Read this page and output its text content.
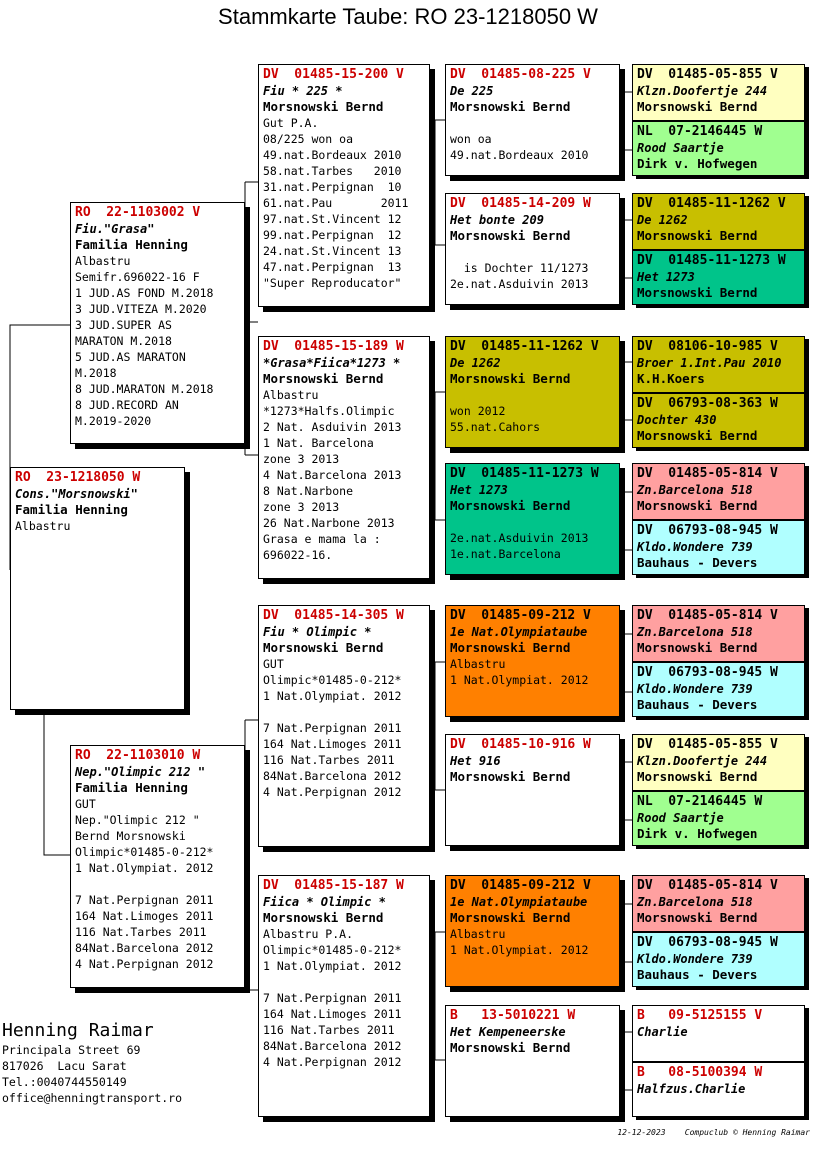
Stammkarte Taube: RO 23-1218050 W
RO  23-1218050 W
Cons."Morsnowski"
Familia Henning
Albastru
RO  22-1103002 V
Fiu."Grasa"
Familia Henning
Albastru
Semifr.696022-16 F
1 JUD.AS FOND M.2018
3 JUD.VITEZA M.2020
3 JUD.SUPER AS
MARATON M.2018
5 JUD.AS MARATON
M.2018
8 JUD.MARATON M.2018
8 JUD.RECORD AN
M.2019-2020
RO  22-1103010 W
Nep."Olimpic 212 "
Familia Henning
GUT
Nep."Olimpic 212 "
Bernd Morsnowski
Olimpic*01485-0-212*
1 Nat.Olympiat. 2012
7 Nat.Perpignan 2011
164 Nat.Limoges 2011
116 Nat.Tarbes 2011
84Nat.Barcelona 2012
4 Nat.Perpignan 2012
DV  01485-15-200 V
Fiu * 225 *
Morsnowski Bernd
Gut P.A.
08/225 won oa
49.nat.Bordeaux 2010
58.nat.Tarbes   2010
31.nat.Perpignan  10
61.nat.Pau       2011
97.nat.St.Vincent 12
99.nat.Perpignan  12
24.nat.St.Vincent 13
47.nat.Perpignan  13
"Super Reproducator"
DV  01485-15-189 W
*Grasa*Fiica*1273 *
Morsnowski Bernd
Albastru
*1273*Halfs.Olimpic
2 Nat. Asduivin 2013
1 Nat. Barcelona
zone 3 2013
4 Nat.Barcelona 2013
8 Nat.Narbone
zone 3 2013
26 Nat.Narbone 2013
Grasa e mama la :
696022-16.
DV  01485-14-305 W
Fiu * Olimpic *
Morsnowski Bernd
GUT
Olimpic*01485-0-212*
1 Nat.Olympiat. 2012
7 Nat.Perpignan 2011
164 Nat.Limoges 2011
116 Nat.Tarbes 2011
84Nat.Barcelona 2012
4 Nat.Perpignan 2012
DV  01485-15-187 W
Fiica * Olimpic *
Morsnowski Bernd
Albastru P.A.
Olimpic*01485-0-212*
1 Nat.Olympiat. 2012
7 Nat.Perpignan 2011
164 Nat.Limoges 2011
116 Nat.Tarbes 2011
84Nat.Barcelona 2012
4 Nat.Perpignan 2012
DV  01485-08-225 V
De 225
Morsnowski Bernd
won oa
49.nat.Bordeaux 2010
DV  01485-14-209 W
Het bonte 209
Morsnowski Bernd
is Dochter 11/1273
2e.nat.Asduivin 2013
DV  01485-11-1262 V
De 1262
Morsnowski Bernd
won 2012
55.nat.Cahors
DV  01485-11-1273 W
Het 1273
Morsnowski Bernd
2e.nat.Asduivin 2013
1e.nat.Barcelona
DV  01485-09-212 V
1e Nat.Olympiataube
Morsnowski Bernd
Albastru
1 Nat.Olympiat. 2012
DV  01485-10-916 W
Het 916
Morsnowski Bernd
DV  01485-09-212 V
1e Nat.Olympiataube
Morsnowski Bernd
Albastru
1 Nat.Olympiat. 2012
B   13-5010221 W
Het Kempeneerske
Morsnowski Bernd
DV  01485-05-855 V
Klzn.Doofertje 244
Morsnowski Bernd
NL  07-2146445 W
Rood Saartje
Dirk v. Hofwegen
DV  01485-11-1262 V
De 1262
Morsnowski Bernd
DV  01485-11-1273 W
Het 1273
Morsnowski Bernd
DV  08106-10-985 V
Broer 1.Int.Pau 2010
K.H.Koers
DV  06793-08-363 W
Dochter 430
Morsnowski Bernd
DV  01485-05-814 V
Zn.Barcelona 518
Morsnowski Bernd
DV  06793-08-945 W
Kldo.Wondere 739
Bauhaus - Devers
DV  01485-05-814 V
Zn.Barcelona 518
Morsnowski Bernd
DV  06793-08-945 W
Kldo.Wondere 739
Bauhaus - Devers
DV  01485-05-855 V
Klzn.Doofertje 244
Morsnowski Bernd
NL  07-2146445 W
Rood Saartje
Dirk v. Hofwegen
DV  01485-05-814 V
Zn.Barcelona 518
Morsnowski Bernd
DV  06793-08-945 W
Kldo.Wondere 739
Bauhaus - Devers
B   09-5125155 V
Charlie
B   08-5100394 W
Halfzus.Charlie
Henning Raimar
Principala Street 69
817026  Lacu Sarat
Tel.:0040744550149
office@henningtransport.ro
12-12-2023    Compuclub © Henning Raimar
